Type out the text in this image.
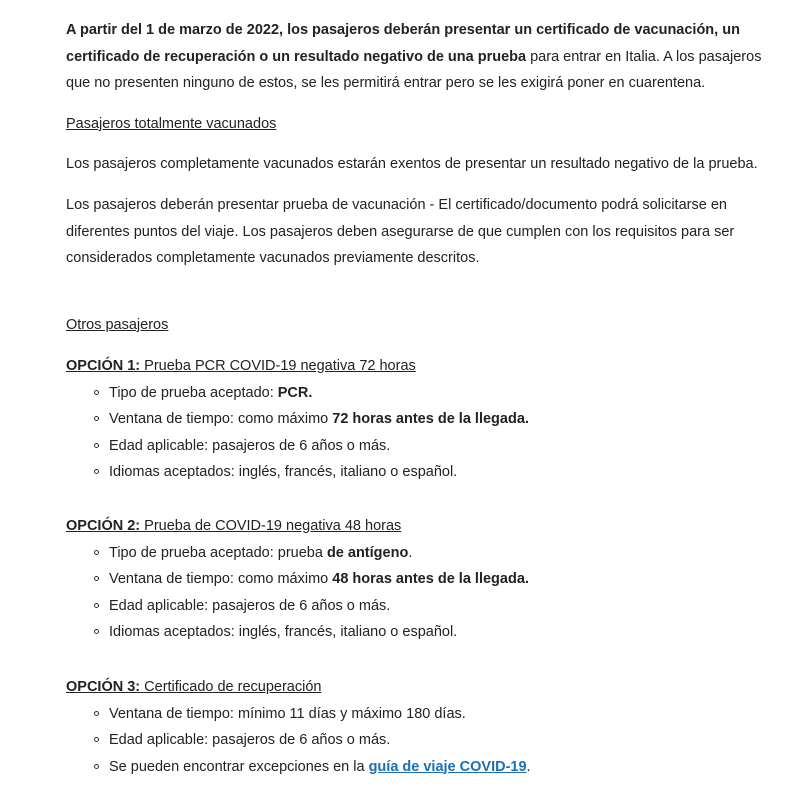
A partir del 1 de marzo de 2022, los pasajeros deberán presentar un certificado de vacunación, un certificado de recuperación o un resultado negativo de una prueba para entrar en Italia. A los pasajeros que no presenten ninguno de estos, se les permitirá entrar pero se les exigirá poner en cuarentena.

Pasajeros totalmente vacunados

Los pasajeros completamente vacunados estarán exentos de presentar un resultado negativo de la prueba.

Los pasajeros deberán presentar prueba de vacunación - El certificado/documento podrá solicitarse en diferentes puntos del viaje. Los pasajeros deben asegurarse de que cumplen con los requisitos para ser considerados completamente vacunados previamente descritos.

Otros pasajeros

OPCIÓN 1: Prueba PCR COVID-19 negativa 72 horas

Tipo de prueba aceptado: PCR.
Ventana de tiempo: como máximo 72 horas antes de la llegada.
Edad aplicable: pasajeros de 6 años o más.
Idiomas aceptados: inglés, francés, italiano o español.

OPCIÓN 2: Prueba de COVID-19 negativa 48 horas

Tipo de prueba aceptado: prueba de antígeno.
Ventana de tiempo: como máximo 48 horas antes de la llegada.
Edad aplicable: pasajeros de 6 años o más.
Idiomas aceptados: inglés, francés, italiano o español.

OPCIÓN 3: Certificado de recuperación

Ventana de tiempo: mínimo 11 días y máximo 180 días.
Edad aplicable: pasajeros de 6 años o más.
Se pueden encontrar excepciones en la guía de viaje COVID-19.
